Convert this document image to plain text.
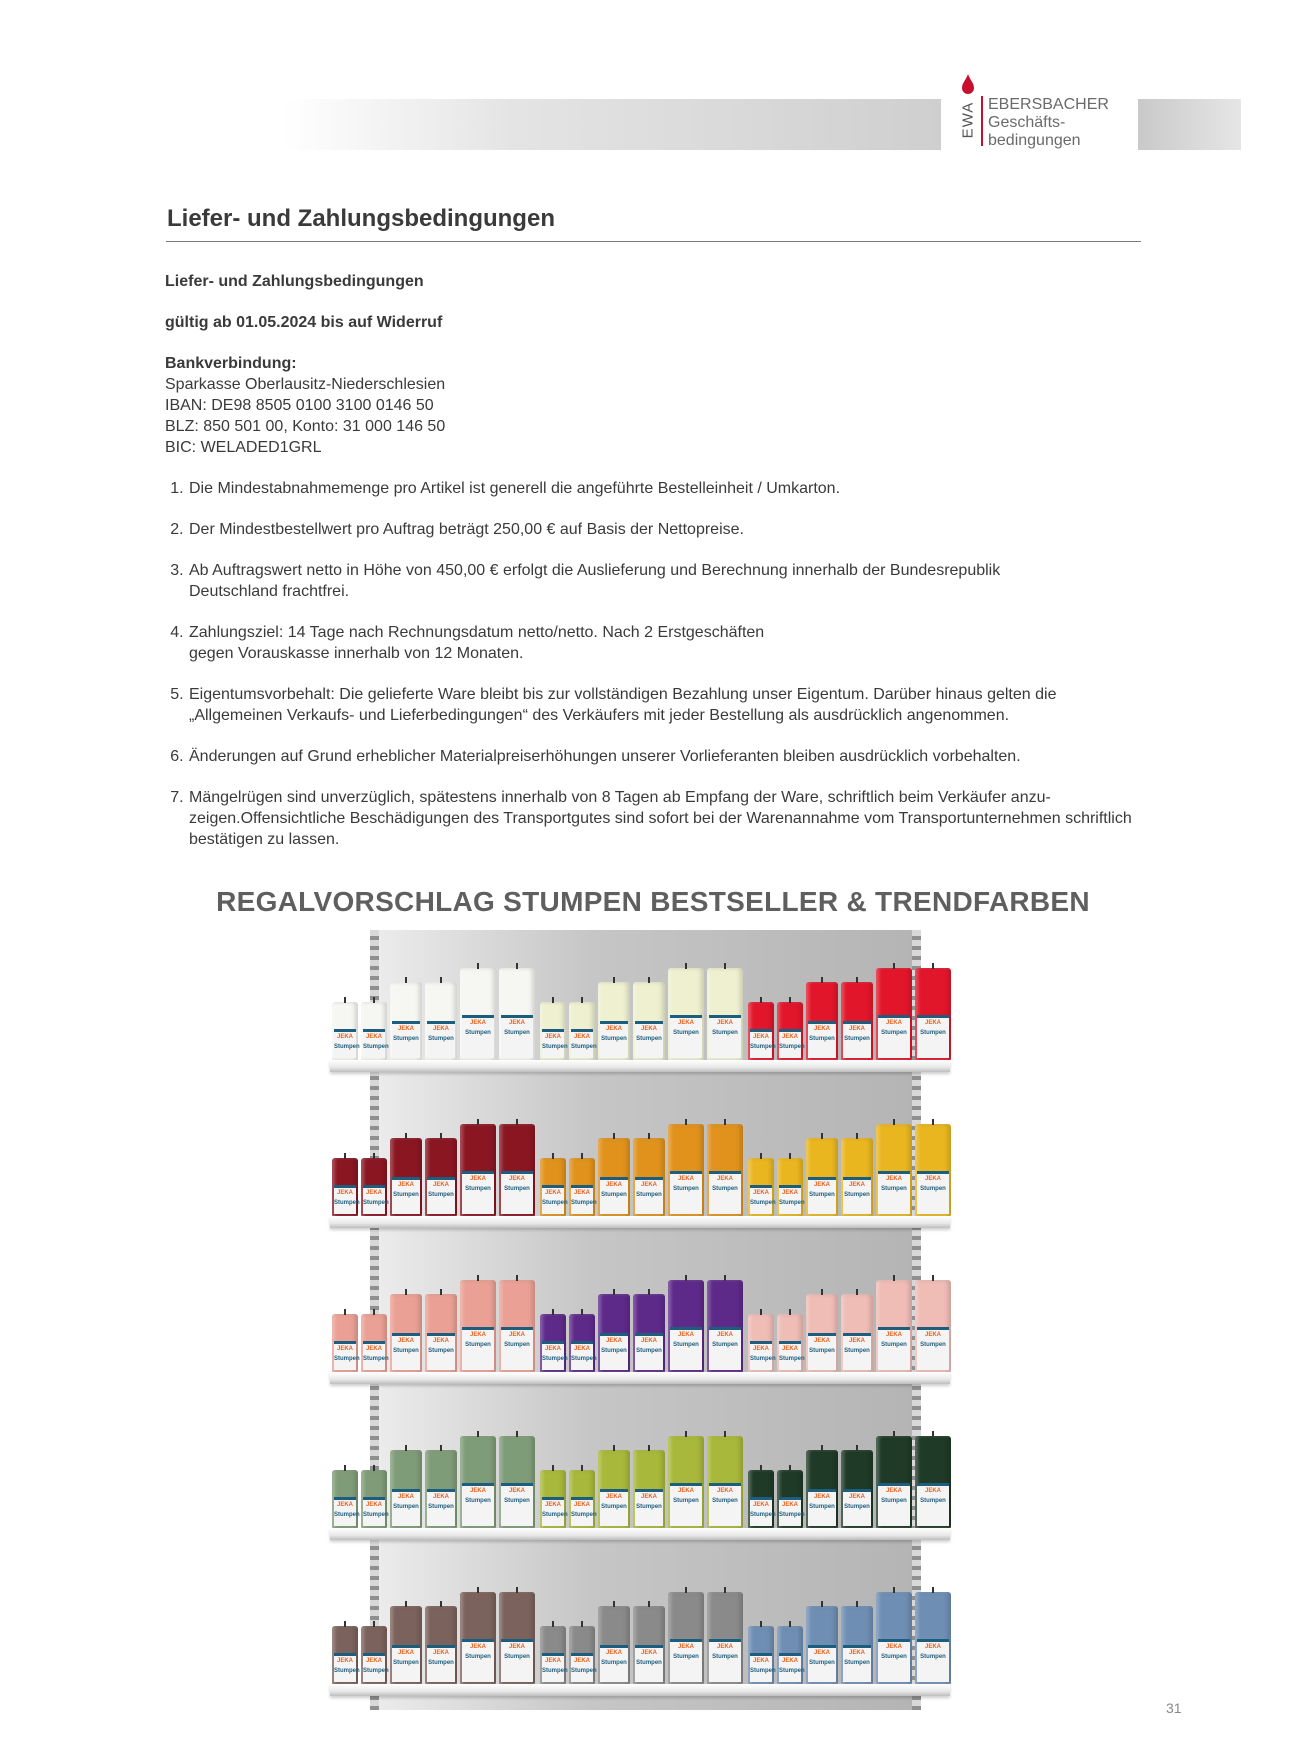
EWA EBERSBACHER
Geschäfts-
bedingungen
Liefer- und Zahlungsbedingungen

Liefer- und Zahlungsbedingungen

gültig ab 01.05.2024 bis auf Widerruf

Bankverbindung:
Sparkasse Oberlausitz-Niederschlesien
IBAN: DE98 8505 0100 3100 0146 50
BLZ: 850 501 00, Konto: 31 000 146 50
BIC: WELADED1GRL
1. Die Mindestabnahmemenge pro Artikel ist generell die angeführte Bestelleinheit / Umkarton.
2. Der Mindestbestellwert pro Auftrag beträgt 250,00 € auf Basis der Nettopreise.
3. Ab Auftragswert netto in Höhe von 450,00 € erfolgt die Auslieferung und Berechnung innerhalb der Bundesrepublik Deutschland frachtfrei.
4. Zahlungsziel: 14 Tage nach Rechnungsdatum netto/netto. Nach 2 Erstgeschäften gegen Vorauskasse innerhalb von 12 Monaten.
5. Eigentumsvorbehalt: Die gelieferte Ware bleibt bis zur vollständigen Bezahlung unser Eigentum. Darüber hinaus gelten die „Allgemeinen Verkaufs- und Lieferbedingungen“ des Verkäufers mit jeder Bestellung als ausdrücklich angenommen.
6. Änderungen auf Grund erheblicher Materialpreiserhöhungen unserer Vorlieferanten bleiben ausdrücklich vorbehalten.
7. Mängelrügen sind unverzüglich, spätestens innerhalb von 8 Tagen ab Empfang der Ware, schriftlich beim Verkäufer anzu-zeigen.Offensichtliche Beschädigungen des Transportgutes sind sofort bei der Warenannahme vom Transportunternehmen schriftlich bestätigen zu lassen.
REGALVORSCHLAG STUMPEN BESTSELLER & TRENDFARBEN
JEKA
Stumpen
JEKA
Stumpen
JEKA
Stumpen
JEKA
Stumpen
JEKA
Stumpen
JEKA
Stumpen
JEKA
Stumpen
JEKA
Stumpen
JEKA
Stumpen
JEKA
Stumpen
JEKA
Stumpen
JEKA
Stumpen
JEKA
Stumpen
JEKA
Stumpen
JEKA
Stumpen
JEKA
Stumpen
JEKA
Stumpen
JEKA
Stumpen
JEKA
Stumpen
JEKA
Stumpen
JEKA
Stumpen
JEKA
Stumpen
JEKA
Stumpen
JEKA
Stumpen
JEKA
Stumpen
JEKA
Stumpen
JEKA
Stumpen
JEKA
Stumpen
JEKA
Stumpen
JEKA
Stumpen
JEKA
Stumpen
JEKA
Stumpen
JEKA
Stumpen
JEKA
Stumpen
JEKA
Stumpen
JEKA
Stumpen
JEKA
Stumpen
JEKA
Stumpen
JEKA
Stumpen
JEKA
Stumpen
JEKA
Stumpen
JEKA
Stumpen
JEKA
Stumpen
JEKA
Stumpen
JEKA
Stumpen
JEKA
Stumpen
JEKA
Stumpen
JEKA
Stumpen
JEKA
Stumpen
JEKA
Stumpen
JEKA
Stumpen
JEKA
Stumpen
JEKA
Stumpen
JEKA
Stumpen
JEKA
Stumpen
JEKA
Stumpen
JEKA
Stumpen
JEKA
Stumpen
JEKA
Stumpen
JEKA
Stumpen
JEKA
Stumpen
JEKA
Stumpen
JEKA
Stumpen
JEKA
Stumpen
JEKA
Stumpen
JEKA
Stumpen
JEKA
Stumpen
JEKA
Stumpen
JEKA
Stumpen
JEKA
Stumpen
JEKA
Stumpen
JEKA
Stumpen
JEKA
Stumpen
JEKA
Stumpen
JEKA
Stumpen
JEKA
Stumpen
JEKA
Stumpen
JEKA
Stumpen
JEKA
Stumpen
JEKA
Stumpen
JEKA
Stumpen
JEKA
Stumpen
JEKA
Stumpen
JEKA
Stumpen
JEKA
Stumpen
JEKA
Stumpen
JEKA
Stumpen
JEKA
Stumpen
JEKA
Stumpen
JEKA
Stumpen
31
